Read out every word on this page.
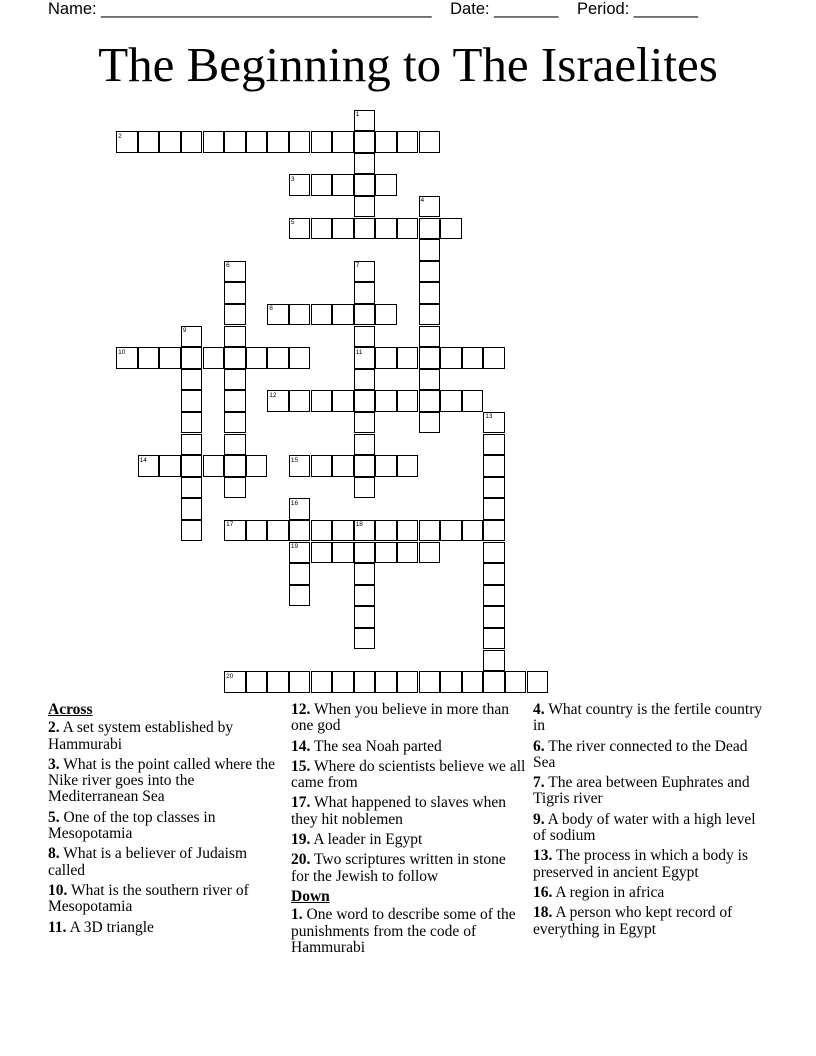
Name: ____________________________________ Date: _______ Period: _______
The Beginning to The Israelites
1
2
3
4
5
6	7
8
9
10	11
12
13
14	15
16
17	18
19
20
Across
2. A set system established by Hammurabi
3. What is the point called where the Nike river goes into the Mediterranean Sea
5. One of the top classes in Mesopotamia
8. What is a believer of Judaism called
10. What is the southern river of Mesopotamia
11. A 3D triangle
12. When you believe in more than one god
14. The sea Noah parted
15. Where do scientists believe we all came from
17. What happened to slaves when they hit noblemen
19. A leader in Egypt
20. Two scriptures written in stone for the Jewish to follow
Down
1. One word to describe some of the punishments from the code of Hammurabi
4. What country is the fertile country in
6. The river connected to the Dead Sea
7. The area between Euphrates and Tigris river
9. A body of water with a high level of sodium
13. The process in which a body is preserved in ancient Egypt
16. A region in africa
18. A person who kept record of everything in Egypt
